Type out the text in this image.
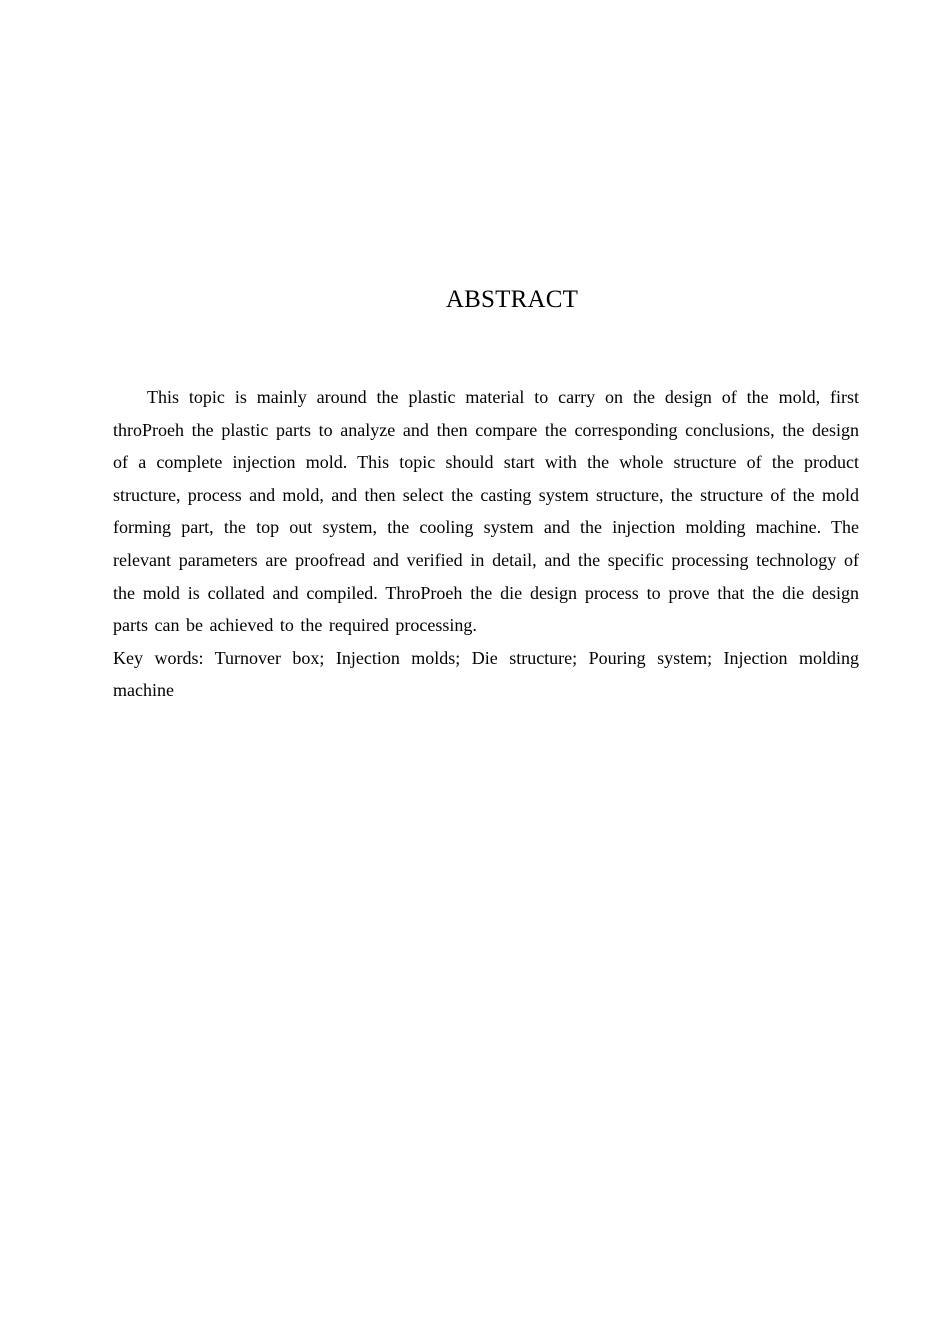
ABSTRACT

This topic is mainly around the plastic material to carry on the design of the mold, first throProeh the plastic parts to analyze and then compare the corresponding conclusions, the design of a complete injection mold. This topic should start with the whole structure of the product structure, process and mold, and then select the casting system structure, the structure of the mold forming part, the top out system, the cooling system and the injection molding machine. The relevant parameters are proofread and verified in detail, and the specific processing technology of the mold is collated and compiled. ThroProeh the die design process to prove that the die design parts can be achieved to the required processing.

Key words: Turnover box; Injection molds; Die structure; Pouring system; Injection molding machine
